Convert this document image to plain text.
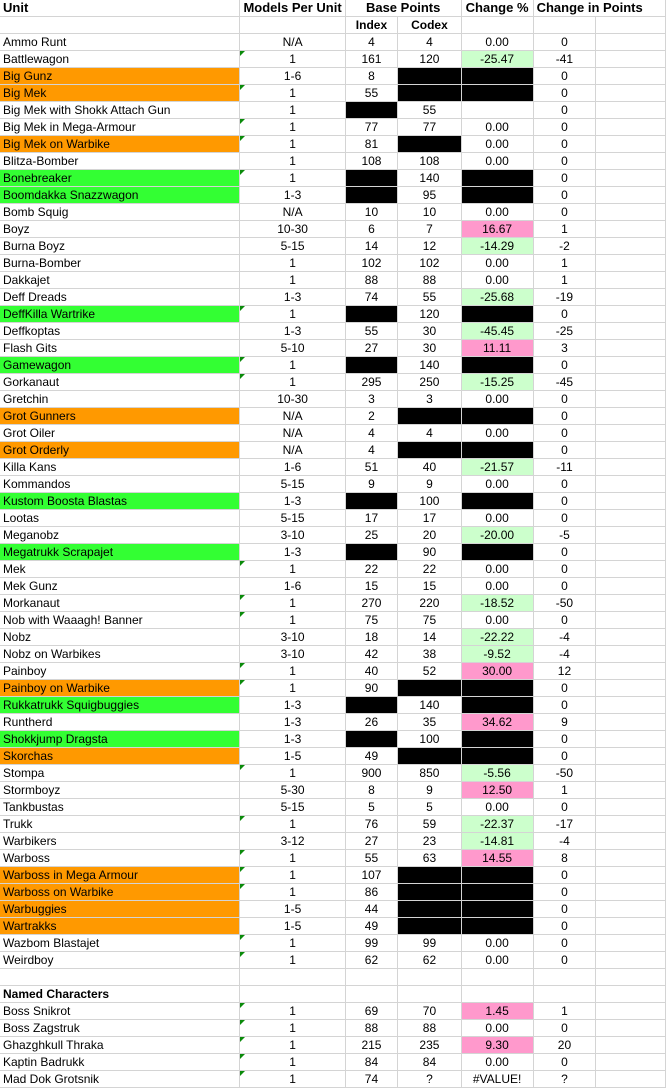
Unit	Models Per Unit	Base Points		Change %	Change in Points	
		Index	Codex			
Ammo Runt	N/A	4	4	0.00	0	
Battlewagon	1	161	120	-25.47	-41	
Big Gunz	1-6	8			0	
Big Mek	1	55			0	
Big Mek with Shokk Attach Gun	1		55		0	
Big Mek in Mega-Armour	1	77	77	0.00	0	
Big Mek on Warbike	1	81		0.00	0	
Blitza-Bomber	1	108	108	0.00	0	
Bonebreaker	1		140		0	
Boomdakka Snazzwagon	1-3		95		0	
Bomb Squig	N/A	10	10	0.00	0	
Boyz	10-30	6	7	16.67	1	
Burna Boyz	5-15	14	12	-14.29	-2	
Burna-Bomber	1	102	102	0.00	1	
Dakkajet	1	88	88	0.00	1	
Deff Dreads	1-3	74	55	-25.68	-19	
DeffKilla Wartrike	1		120		0	
Deffkoptas	1-3	55	30	-45.45	-25	
Flash Gits	5-10	27	30	11.11	3	
Gamewagon	1		140		0	
Gorkanaut	1	295	250	-15.25	-45	
Gretchin	10-30	3	3	0.00	0	
Grot Gunners	N/A	2			0	
Grot Oiler	N/A	4	4	0.00	0	
Grot Orderly	N/A	4			0	
Killa Kans	1-6	51	40	-21.57	-11	
Kommandos	5-15	9	9	0.00	0	
Kustom Boosta Blastas	1-3		100		0	
Lootas	5-15	17	17	0.00	0	
Meganobz	3-10	25	20	-20.00	-5	
Megatrukk Scrapajet	1-3		90		0	
Mek	1	22	22	0.00	0	
Mek Gunz	1-6	15	15	0.00	0	
Morkanaut	1	270	220	-18.52	-50	
Nob with Waaagh! Banner	1	75	75	0.00	0	
Nobz	3-10	18	14	-22.22	-4	
Nobz on Warbikes	3-10	42	38	-9.52	-4	
Painboy	1	40	52	30.00	12	
Painboy on Warbike	1	90			0	
Rukkatrukk Squigbuggies	1-3		140		0	
Runtherd	1-3	26	35	34.62	9	
Shokkjump Dragsta	1-3		100		0	
Skorchas	1-5	49			0	
Stompa	1	900	850	-5.56	-50	
Stormboyz	5-30	8	9	12.50	1	
Tankbustas	5-15	5	5	0.00	0	
Trukk	1	76	59	-22.37	-17	
Warbikers	3-12	27	23	-14.81	-4	
Warboss	1	55	63	14.55	8	
Warboss in Mega Armour	1	107			0	
Warboss on Warbike	1	86			0	
Warbuggies	1-5	44			0	
Wartrakks	1-5	49			0	
Wazbom Blastajet	1	99	99	0.00	0	
Weirdboy	1	62	62	0.00	0	

Named Characters						
Boss Snikrot	1	69	70	1.45	1	
Boss Zagstruk	1	88	88	0.00	0	
Ghazghkull Thraka	1	215	235	9.30	20	
Kaptin Badrukk	1	84	84	0.00	0	
Mad Dok Grotsnik	1	74	?	#VALUE!	?	
